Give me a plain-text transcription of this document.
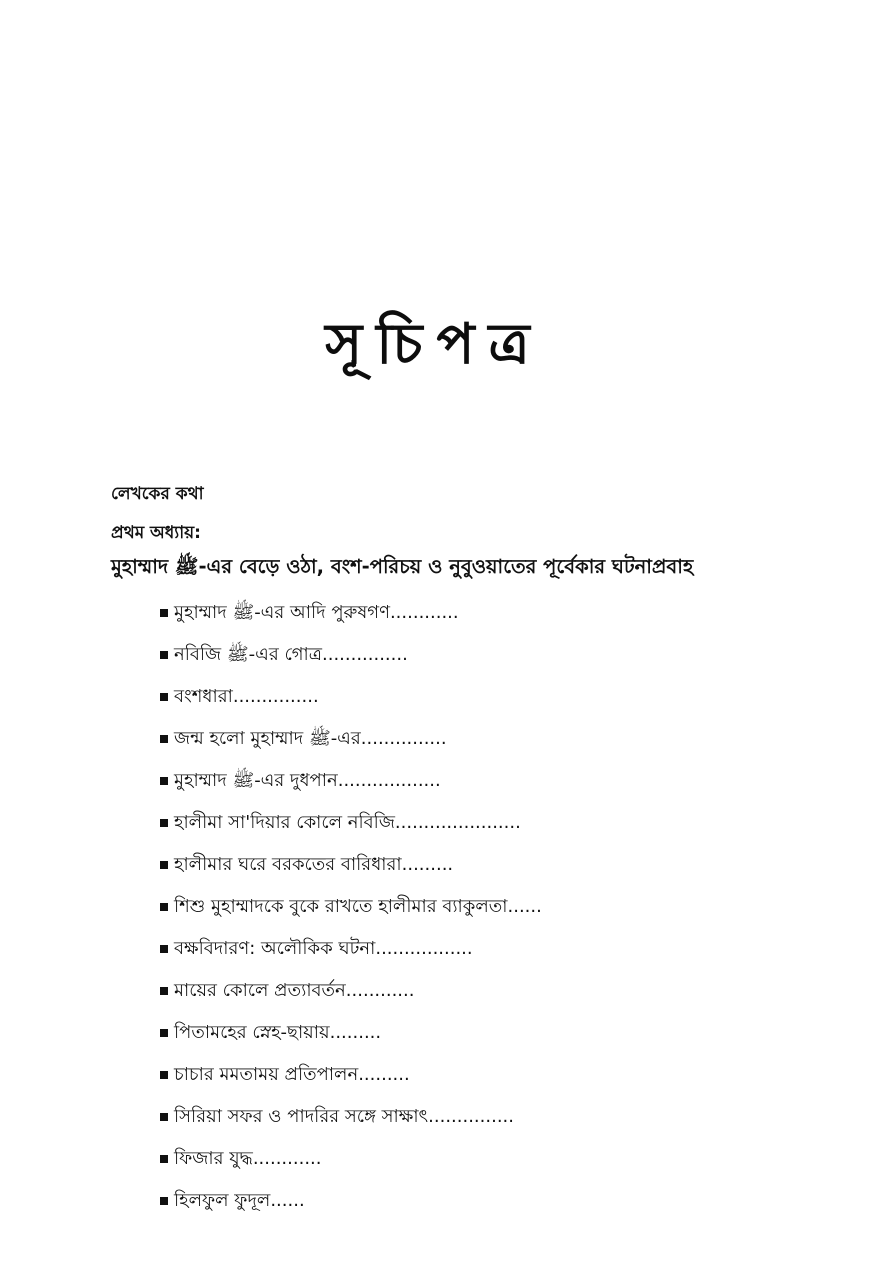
সূচিপত্র
লেখকের কথা
প্রথম অধ্যায়:
মুহাম্মাদ ﷺ-এর বেড়ে ওঠা, বংশ-পরিচয় ও নুবুওয়াতের পূর্বেকার ঘটনাপ্রবাহ
মুহাম্মাদ ﷺ-এর আদি পুরুষগণ............
নবিজি ﷺ-এর গোত্র...............
বংশধারা...............
জন্ম হলো মুহাম্মাদ ﷺ-এর...............
মুহাম্মাদ ﷺ-এর দুধপান..................
হালীমা সা'দিয়ার কোলে নবিজি......................
হালীমার ঘরে বরকতের বারিধারা.........
শিশু মুহাম্মাদকে বুকে রাখতে হালীমার ব্যাকুলতা......
বক্ষবিদারণ: অলৌকিক ঘটনা.................
মায়ের কোলে প্রত্যাবর্তন............
পিতামহের স্নেহ-ছায়ায়.........
চাচার মমতাময় প্রতিপালন.........
সিরিয়া সফর ও পাদরির সঙ্গে সাক্ষাৎ...............
ফিজার যুদ্ধ............
হিলফুল ফুদূল......
